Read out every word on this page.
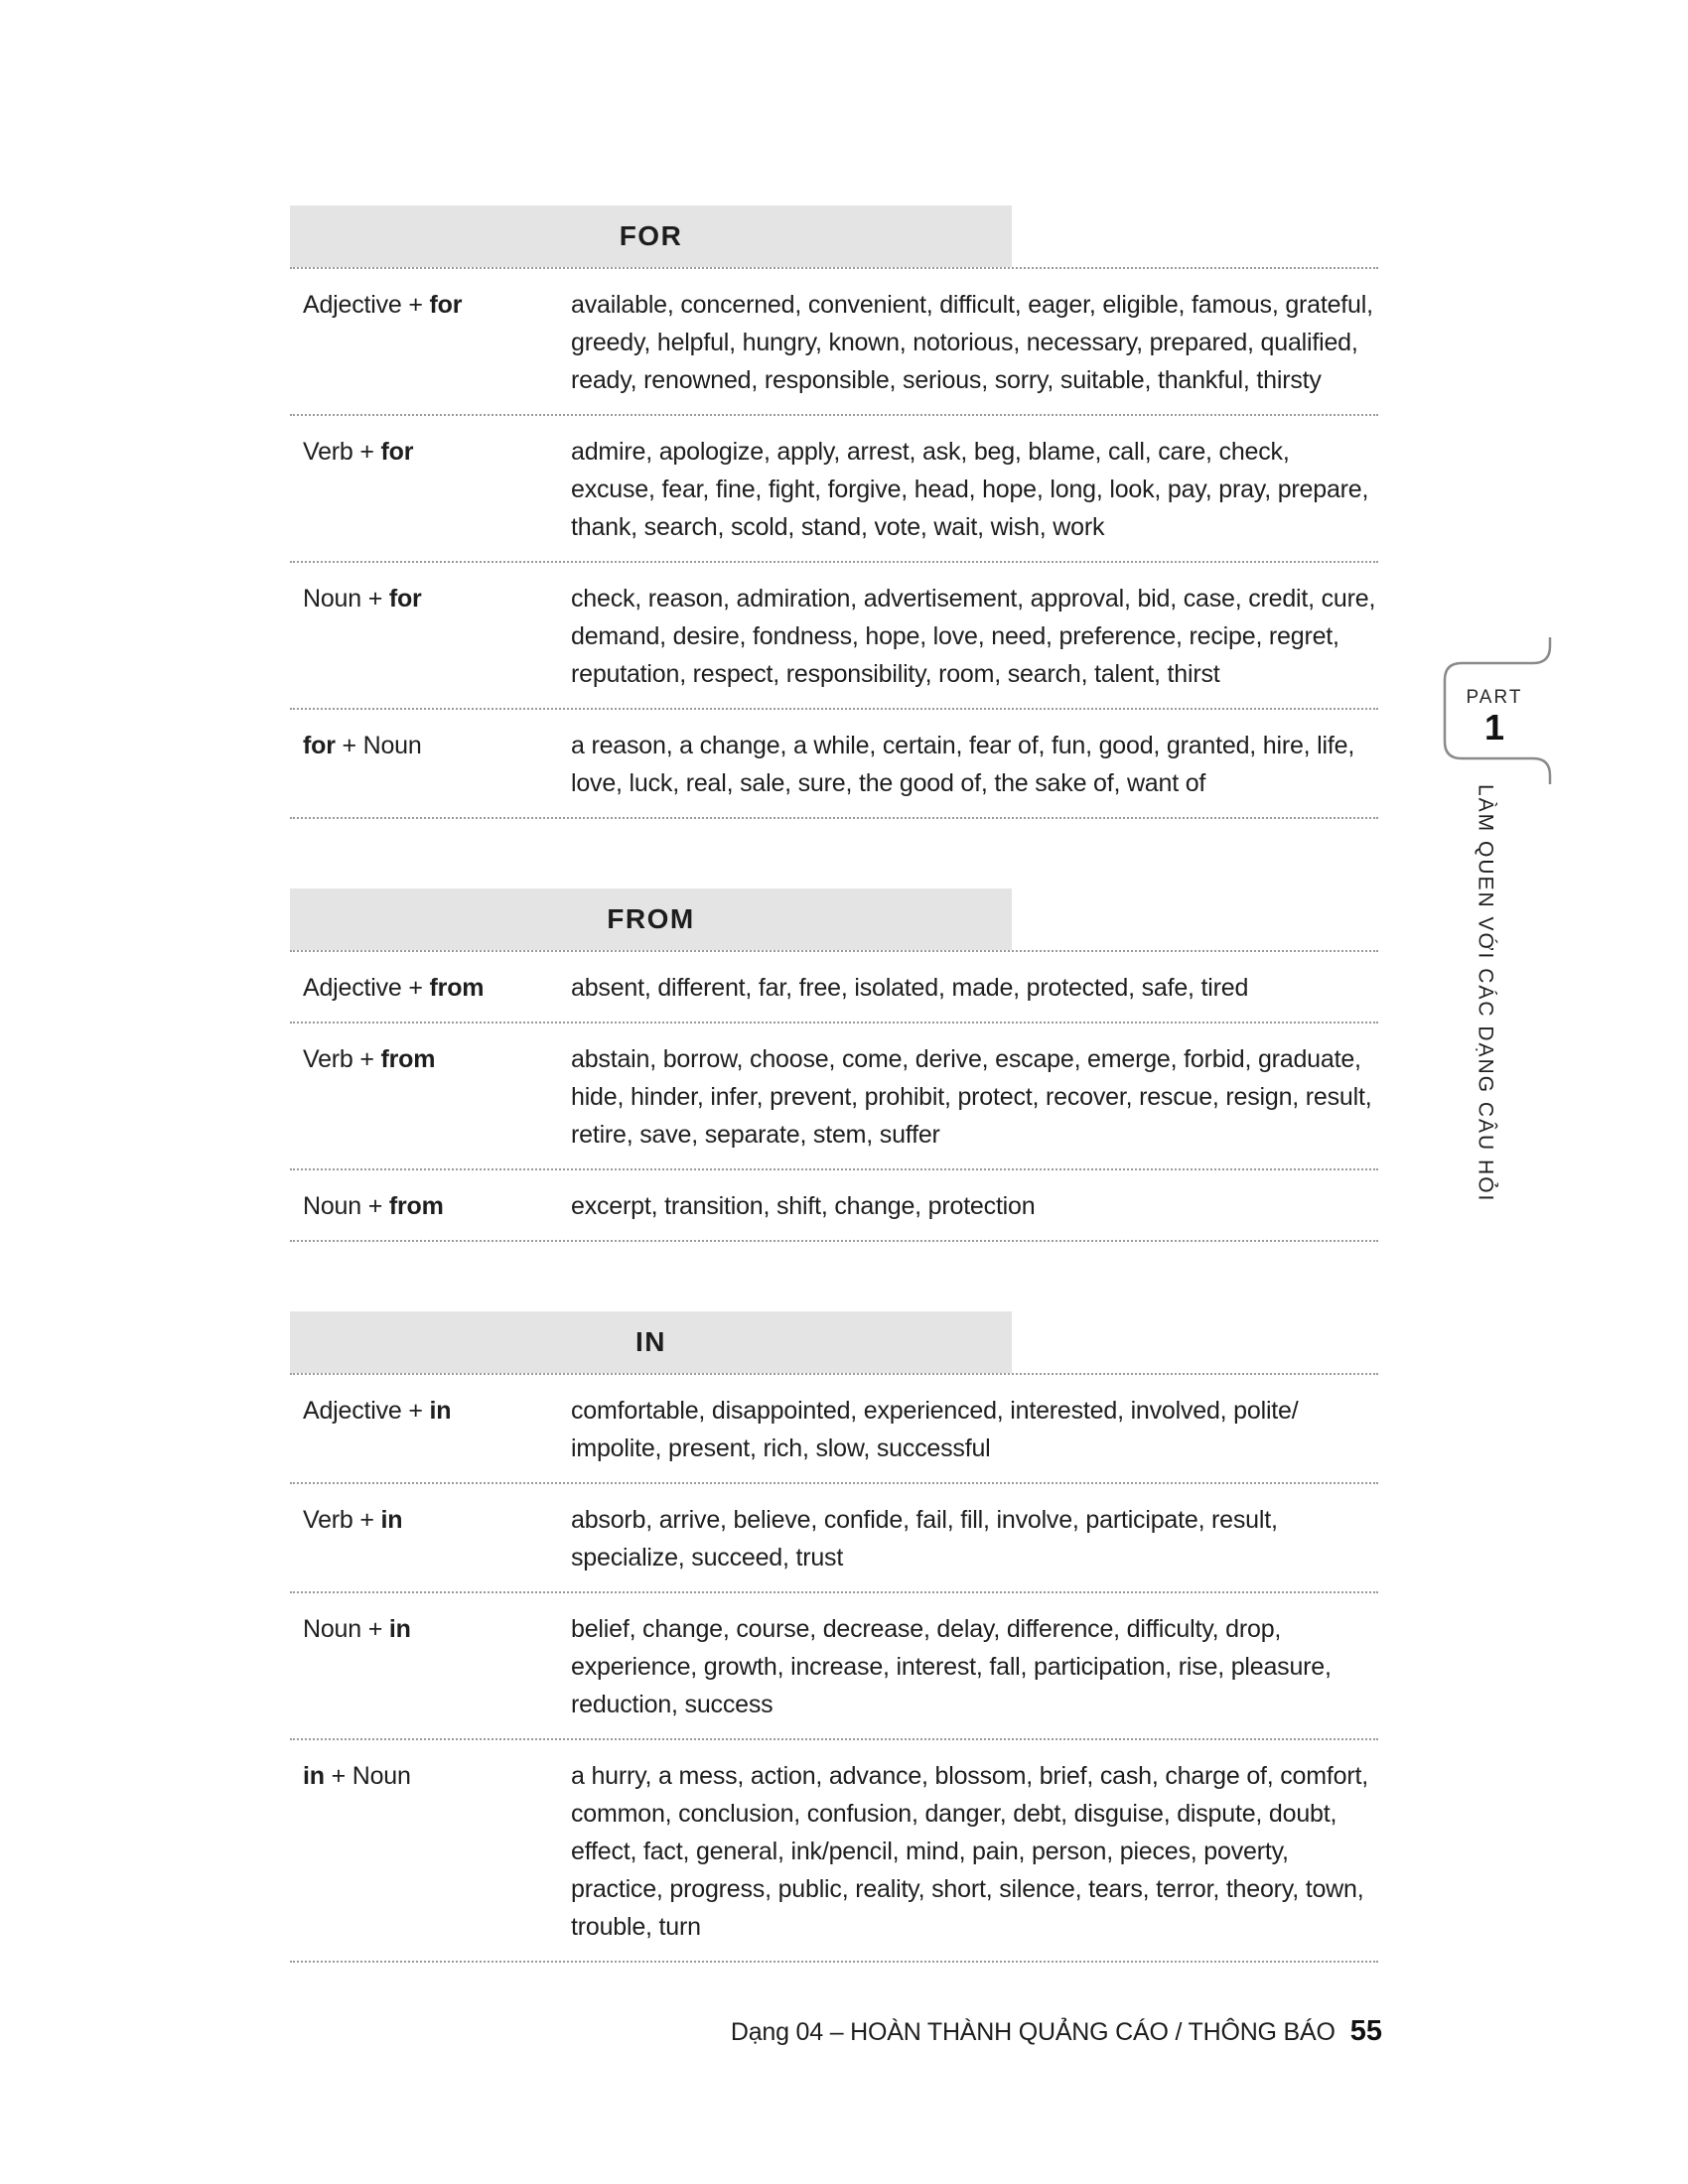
FOR
Adjective + for	available, concerned, convenient, difficult, eager, eligible, famous, grateful, greedy, helpful, hungry, known, notorious, necessary, prepared, qualified, ready, renowned, responsible, serious, sorry, suitable, thankful, thirsty
Verb + for	admire, apologize, apply, arrest, ask, beg, blame, call, care, check, excuse, fear, fine, fight, forgive, head, hope, long, look, pay, pray, prepare, thank, search, scold, stand, vote, wait, wish, work
Noun + for	check, reason, admiration, advertisement, approval, bid, case, credit, cure, demand, desire, fondness, hope, love, need, preference, recipe, regret, reputation, respect, responsibility, room, search, talent, thirst
for + Noun	a reason, a change, a while, certain, fear of, fun, good, granted, hire, life, love, luck, real, sale, sure, the good of, the sake of, want of
FROM
Adjective + from	absent, different, far, free, isolated, made, protected, safe, tired
Verb + from	abstain, borrow, choose, come, derive, escape, emerge, forbid, graduate, hide, hinder, infer, prevent, prohibit, protect, recover, rescue, resign, result, retire, save, separate, stem, suffer
Noun + from	excerpt, transition, shift, change, protection
IN
Adjective + in	comfortable, disappointed, experienced, interested, involved, polite/ impolite, present, rich, slow, successful
Verb + in	absorb, arrive, believe, confide, fail, fill, involve, participate, result, specialize, succeed, trust
Noun + in	belief, change, course, decrease, delay, difference, difficulty, drop, experience, growth, increase, interest, fall, participation, rise, pleasure, reduction, success
in + Noun	a hurry, a mess, action, advance, blossom, brief, cash, charge of, comfort, common, conclusion, confusion, danger, debt, disguise, dispute, doubt, effect, fact, general, ink/pencil, mind, pain, person, pieces, poverty, practice, progress, public, reality, short, silence, tears, terror, theory, town, trouble, turn
PART
1
LÀM QUEN VỚI CÁC DẠNG CÂU HỎI
Dạng 04 – HOÀN THÀNH QUẢNG CÁO / THÔNG BÁO 55
